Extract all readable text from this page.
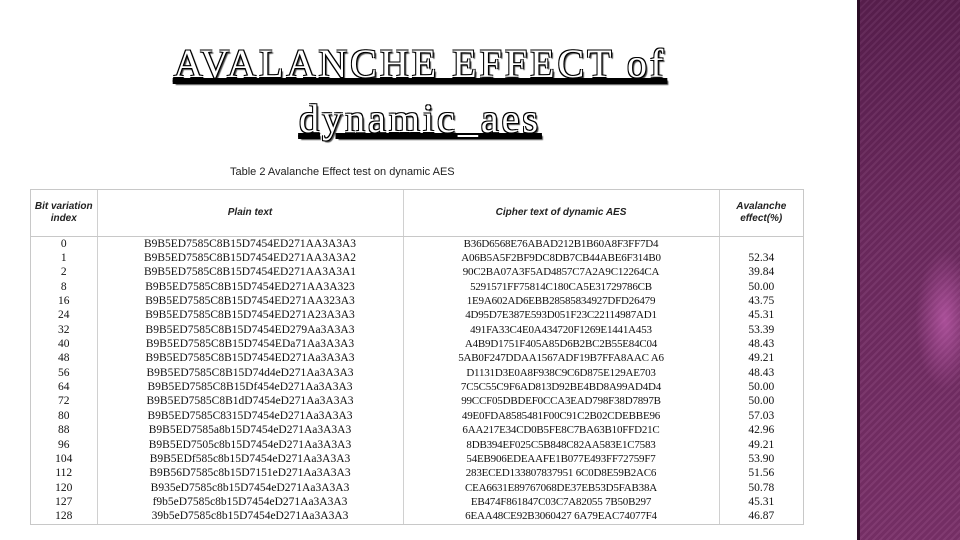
AVALANCHE EFFECT of
dynamic_aes
Table 2 Avalanche Effect test on dynamic AES
Bit variation index	Plain text	Cipher text of dynamic AES	Avalanche effect(%)
0	B9B5ED7585C8B15D7454ED271AA3A3A3	B36D6568E76ABAD212B1B60A8F3FF7D4	
1	B9B5ED7585C8B15D7454ED271AA3A3A2	A06B5A5F2BF9DC8DB7CB44ABE6F314B0	52.34
2	B9B5ED7585C8B15D7454ED271AA3A3A1	90C2BA07A3F5AD4857C7A2A9C12264CA	39.84
8	B9B5ED7585C8B15D7454ED271AA3A323	5291571FF75814C180CA5E31729786CB	50.00
16	B9B5ED7585C8B15D7454ED271AA323A3	1E9A602AD6EBB28585834927DFD26479	43.75
24	B9B5ED7585C8B15D7454ED271A23A3A3	4D95D7E387E593D051F23C22114987AD1	45.31
32	B9B5ED7585C8B15D7454ED279Aa3A3A3	491FA33C4E0A434720F1269E1441A453	53.39
40	B9B5ED7585C8B15D7454EDa71Aa3A3A3	A4B9D1751F405A85D6B2BC2B55E84C04	48.43
48	B9B5ED7585C8B15D7454ED271Aa3A3A3	5AB0F247DDAA1567ADF19B7FFA8AAC A6	49.21
56	B9B5ED7585C8B15D74d4eD271Aa3A3A3	D1131D3E0A8F938C9C6D875E129AE703	48.43
64	B9B5ED7585C8B15Df454eD271Aa3A3A3	7C5C55C9F6AD813D92BE4BD8A99AD4D4	50.00
72	B9B5ED7585C8B1dD7454eD271Aa3A3A3	99CCF05DBDEF0CCA3EAD798F38D7897B	50.00
80	B9B5ED7585C8315D7454eD271Aa3A3A3	49E0FDA8585481F00C91C2B02CDEBBE96	57.03
88	B9B5ED7585a8b15D7454eD271Aa3A3A3	6AA217E34CD0B5FE8C7BA63B10FFD21C	42.96
96	B9B5ED7505c8b15D7454eD271Aa3A3A3	8DB394EF025C5B848C82AA583E1C7583	49.21
104	B9B5EDf585c8b15D7454eD271Aa3A3A3	54EB906EDEAAFE1B077E493FF72759F7	53.90
112	B9B56D7585c8b15D7151eD271Aa3A3A3	283ECED133807837951 6C0D8E59B2AC6	51.56
120	B935eD7585c8b15D7454eD271Aa3A3A3	CEA6631E89767068DE37EB53D5FAB38A	50.78
127	f9b5eD7585c8b15D7454eD271Aa3A3A3	EB474F861847C03C7A82055 7B50B297	45.31
128	39b5eD7585c8b15D7454eD271Aa3A3A3	6EAA48CE92B3060427 6A79EAC74077F4	46.87
